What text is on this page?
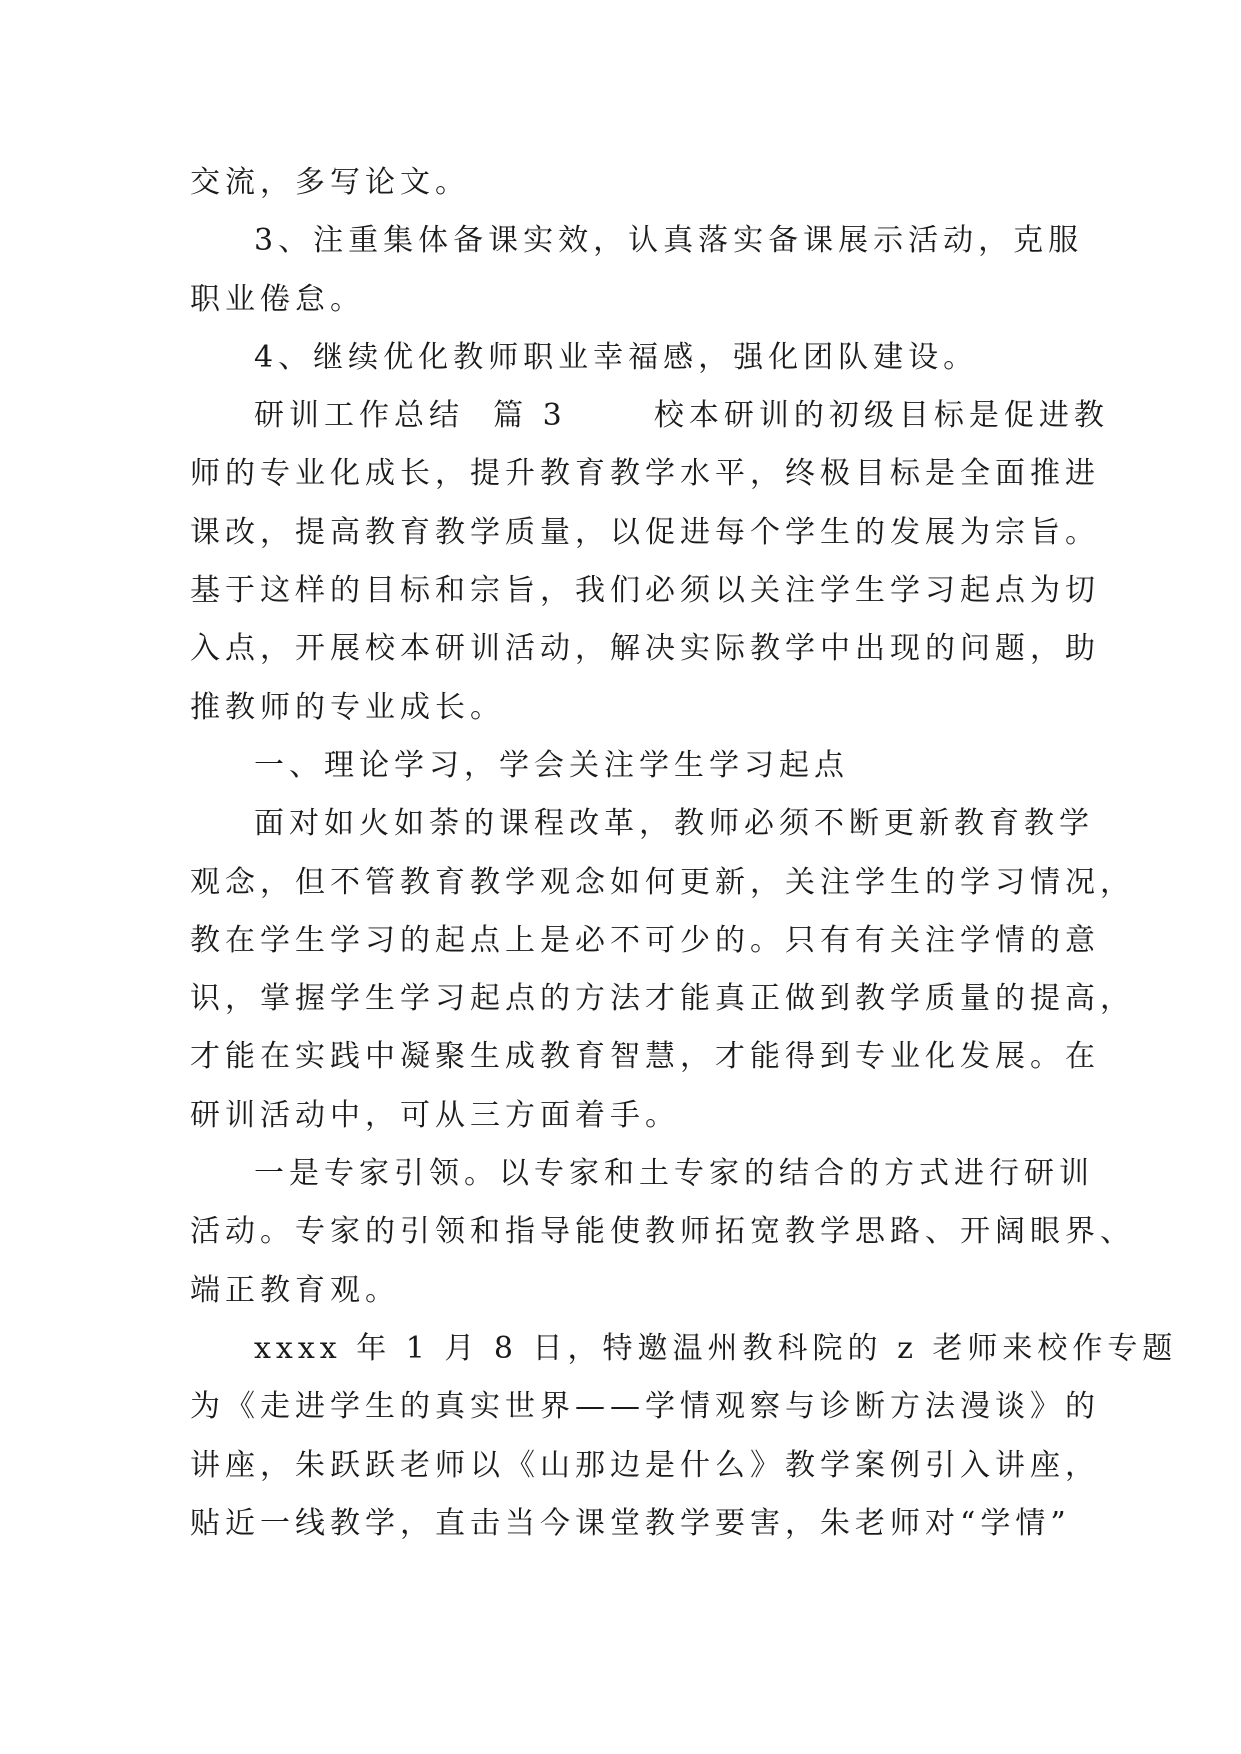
交流，多写论文。
3、注重集体备课实效，认真落实备课展示活动，克服
职业倦怠。
4、继续优化教师职业幸福感，强化团队建设。
研训工作总结  篇 3      校本研训的初级目标是促进教
师的专业化成长，提升教育教学水平，终极目标是全面推进
课改，提高教育教学质量，以促进每个学生的发展为宗旨。
基于这样的目标和宗旨，我们必须以关注学生学习起点为切
入点，开展校本研训活动，解决实际教学中出现的问题，助
推教师的专业成长。
一、理论学习，学会关注学生学习起点
面对如火如荼的课程改革，教师必须不断更新教育教学
观念，但不管教育教学观念如何更新，关注学生的学习情况，
教在学生学习的起点上是必不可少的。只有有关注学情的意
识，掌握学生学习起点的方法才能真正做到教学质量的提高，
才能在实践中凝聚生成教育智慧，才能得到专业化发展。在
研训活动中，可从三方面着手。
一是专家引领。以专家和土专家的结合的方式进行研训
活动。专家的引领和指导能使教师拓宽教学思路、开阔眼界、
端正教育观。
xxxx 年 1 月 8 日，特邀温州教科院的 z 老师来校作专题
为《走进学生的真实世界——学情观察与诊断方法漫谈》的
讲座，朱跃跃老师以《山那边是什么》教学案例引入讲座，
贴近一线教学，直击当今课堂教学要害，朱老师对“学情”
